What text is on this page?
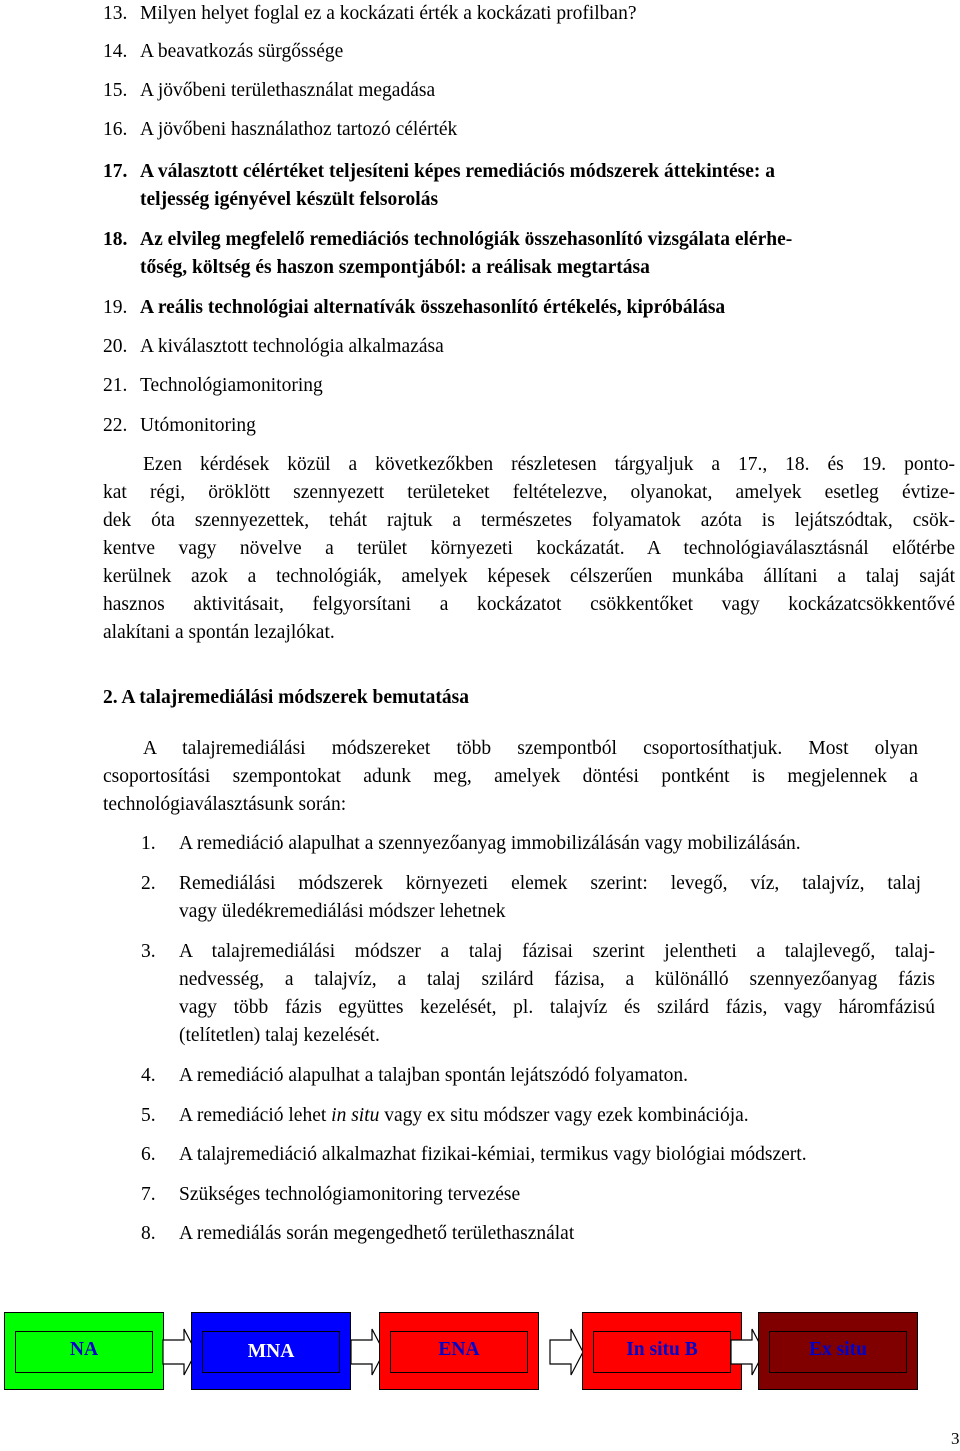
13. Milyen helyet foglal ez a kockázati érték a kockázati profilban?
14. A beavatkozás sürgőssége
15. A jövőbeni területhasználat megadása
16. A jövőbeni használathoz tartozó célérték
17. A választott célértéket teljesíteni képes remediációs módszerek áttekintése: a
teljesség igényével készült felsorolás
18. Az elvileg megfelelő remediációs technológiák összehasonlító vizsgálata elérhe-
tőség, költség és haszon szempontjából: a reálisak megtartása
19. A reális technológiai alternatívák összehasonlító értékelés, kipróbálása
20. A kiválasztott technológia alkalmazása
21. Technológiamonitoring
22. Utómonitoring
Ezen kérdések közül a következőkben részletesen tárgyaljuk a 17., 18. és 19. ponto-
kat régi, öröklött szennyezett területeket feltételezve, olyanokat, amelyek esetleg évtize-
dek óta szennyezettek, tehát rajtuk a természetes folyamatok azóta is lejátszódtak, csök-
kentve vagy növelve a terület környezeti kockázatát. A technológiaválasztásnál előtérbe
kerülnek azok a technológiák, amelyek képesek célszerűen munkába állítani a talaj saját
hasznos aktivitásait, felgyorsítani a kockázatot csökkentőket vagy kockázatcsökkentővé
alakítani a spontán lezajlókat.
2. A talajremediálási módszerek bemutatása
A talajremediálási módszereket több szempontból csoportosíthatjuk. Most olyan
csoportosítási szempontokat adunk meg, amelyek döntési pontként is megjelennek a
technológiaválasztásunk során:
1.	A remediáció alapulhat a szennyezőanyag immobilizálásán vagy mobilizálásán.
2.	Remediálási módszerek környezeti elemek szerint: levegő, víz, talajvíz, talaj
vagy üledékremediálási módszer lehetnek
3.	A talajremediálási módszer a talaj fázisai szerint jelentheti a talajlevegő, talaj-
nedvesség, a talajvíz, a talaj szilárd fázisa, a különálló szennyezőanyag fázis
vagy több fázis együttes kezelését, pl. talajvíz és szilárd fázis, vagy háromfázisú
(telítetlen) talaj kezelését.
4.	A remediáció alapulhat a talajban spontán lejátszódó folyamaton.
5.	A remediáció lehet in situ vagy ex situ módszer vagy ezek kombinációja.
6.	A talajremediáció alkalmazhat fizikai-kémiai, termikus vagy biológiai módszert.
7.	Szükséges technológiamonitoring tervezése
8.	A remediálás során megengedhető területhasználat
NA	MNA	ENA	In situ B	Ex situ
3
